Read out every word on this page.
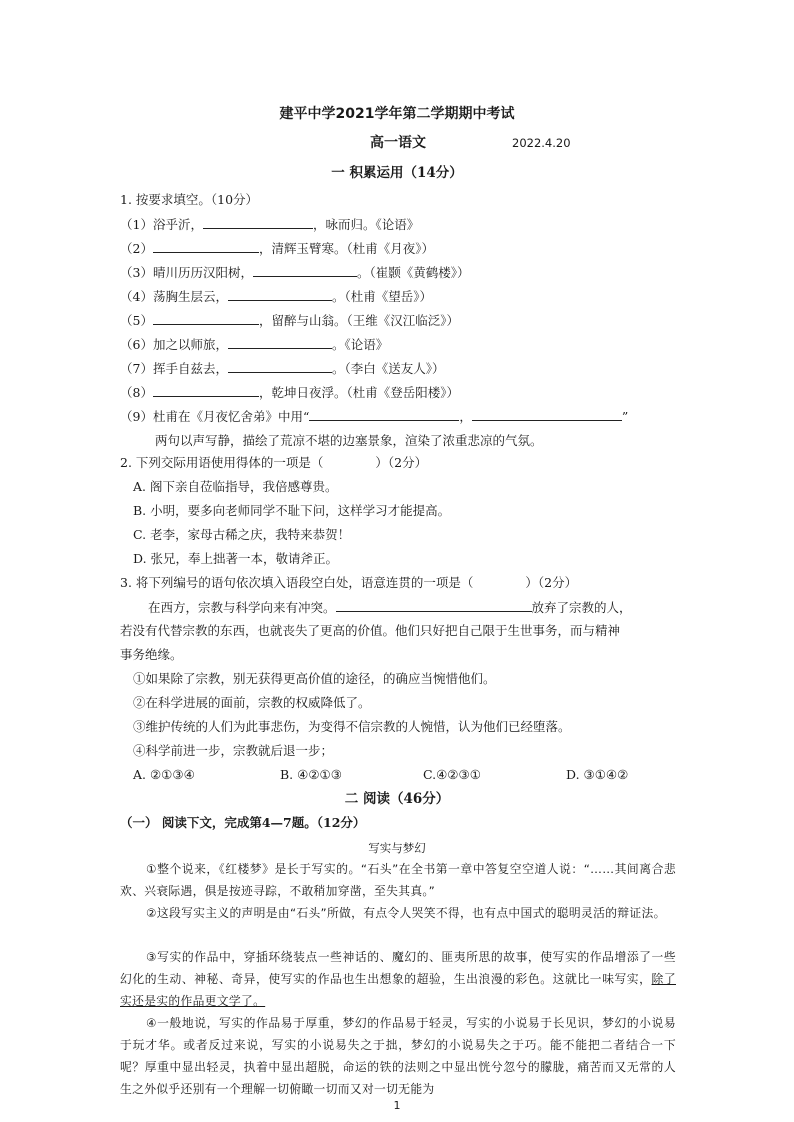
建平中学2021学年第二学期期中考试
高一语文	2022.4.20
一 积累运用（14分）
1. 按要求填空。（10分）
（1）浴乎沂，	，咏而归。《论语》
（2）	，清辉玉臂寒。（杜甫《月夜》）
（3）晴川历历汉阳树，	。（崔颢《黄鹤楼》）
（4）荡胸生层云，	。（杜甫《望岳》）
（5）	，留醉与山翁。（王维《汉江临泛》）
（6）加之以师旅，	。《论语》
（7）挥手自兹去，	。（李白《送友人》）
（8）	，乾坤日夜浮。（杜甫《登岳阳楼》）
（9）杜甫在《月夜忆舍弟》中用“	，	”
两句以声写静，描绘了荒凉不堪的边塞景象，渲染了浓重悲凉的气氛。
2. 下列交际用语使用得体的一项是（	）（2分）
A. 阁下亲自莅临指导，我倍感尊贵。
B. 小明，要多向老师同学不耻下问，这样学习才能提高。
C. 老李，家母古稀之庆，我特来恭贺！
D. 张兄，奉上拙著一本，敬请斧正。
3. 将下列编号的语句依次填入语段空白处，语意连贯的一项是（	）（2分）
在西方，宗教与科学向来有冲突。	放弃了宗教的人，
若没有代替宗教的东西，也就丧失了更高的价值。他们只好把自己限于生世事务，而与精神
事务绝缘。
①如果除了宗教，别无获得更高价值的途径，的确应当惋惜他们。
②在科学进展的面前，宗教的权威降低了。
③维护传统的人们为此事悲伤，为变得不信宗教的人惋惜，认为他们已经堕落。
④科学前进一步，宗教就后退一步；
A. ②①③④	B. ④②①③	C.④②③①	D. ③①④②
二 阅读（46分）
（一） 阅读下文，完成第4—7题。（12分）
写实与梦幻
①整个说来，《红楼梦》是长于写实的。“石头”在全书第一章中答复空空道人说：“……其间离合悲欢、兴衰际遇，俱是按迹寻踪，不敢稍加穿凿，至失其真。”
②这段写实主义的声明是由“石头”所做，有点令人哭笑不得，也有点中国式的聪明灵活的辩证法。
③写实的作品中，穿插环绕装点一些神话的、魔幻的、匪夷所思的故事，使写实的作品增添了一些幻化的生动、神秘、奇异，使写实的作品也生出想象的超验，生出浪漫的彩色。这就比一味写实，除了实还是实的作品更文学了。
④一般地说，写实的作品易于厚重，梦幻的作品易于轻灵，写实的小说易于长见识，梦幻的小说易于玩才华。或者反过来说，写实的小说易失之于拙，梦幻的小说易失之于巧。能不能把二者结合一下呢？厚重中显出轻灵，执着中显出超脱，命运的铁的法则之中显出恍兮忽兮的朦胧，痛苦而又无常的人生之外似乎还别有一个理解一切俯瞰一切而又对一切无能为
1
